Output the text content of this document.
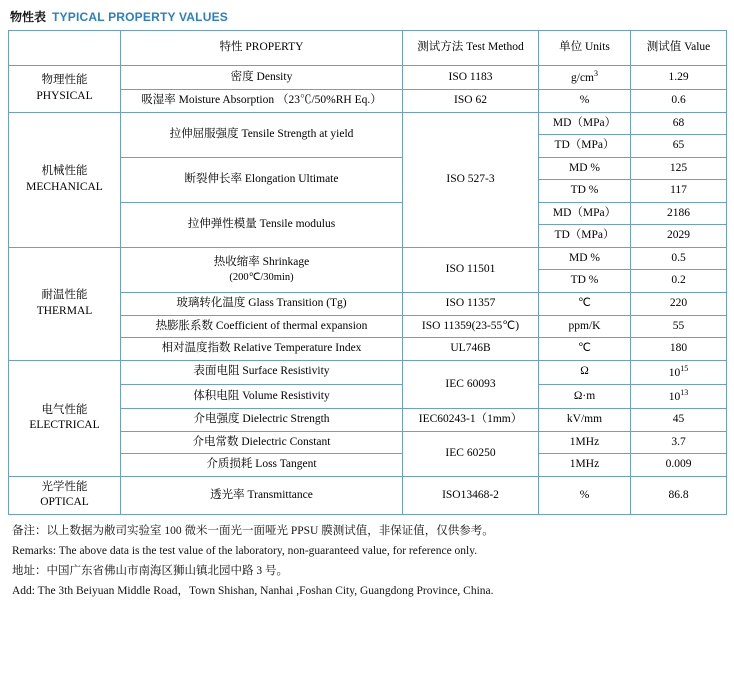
物性表 TYPICAL PROPERTY VALUES
	特性 PROPERTY	测试方法 Test Method	单位 Units	测试值 Value

物理性能
PHYSICAL	密度 Density	ISO 1183	$g/cm^3$	1.29
	吸湿率 Moisture Absorption （23℃/50%RH Eq.）	ISO 62	%	0.6

机械性能
MECHANICAL	拉伸屈服强度 Tensile Strength at yield	ISO 527-3	MD（MPa）	68
			TD（MPa）	65
	断裂伸长率 Elongation Ultimate		MD %	125
			TD %	117
	拉伸弹性模量 Tensile modulus		MD（MPa）	2186
			TD（MPa）	2029

耐温性能
THERMAL	热收缩率 Shrinkage
(200℃/30min)	ISO 11501	MD %	0.5
			TD %	0.2
	玻璃转化温度 Glass Transition (Tg)	ISO 11357	℃	220
	热膨胀系数 Coefficient of thermal expansion	ISO 11359(23-55℃)	ppm/K	55
	相对温度指数 Relative Temperature Index	UL746B	℃	180

电气性能
ELECTRICAL	表面电阻 Surface Resistivity	IEC 60093	Ω	$10^{15}$
	体积电阻 Volume Resistivity		Ω·m	$10^{13}$
	介电强度 Dielectric Strength	IEC60243-1（1mm）	kV/mm	45
	介电常数 Dielectric Constant	IEC 60250	1MHz	3.7
	介质损耗 Loss Tangent		1MHz	0.009

光学性能
OPTICAL	透光率 Transmittance	ISO13468-2	%	86.8
备注：以上数据为敝司实验室 100 微米一面光一面哑光 PPSU 膜测试值，非保证值，仅供参考。
Remarks: The above data is the test value of the laboratory, non-guaranteed value, for reference only.
地址：中国广东省佛山市南海区狮山镇北园中路 3 号。
Add: The 3th Beiyuan Middle Road，Town Shishan, Nanhai ,Foshan City, Guangdong Province, China.
